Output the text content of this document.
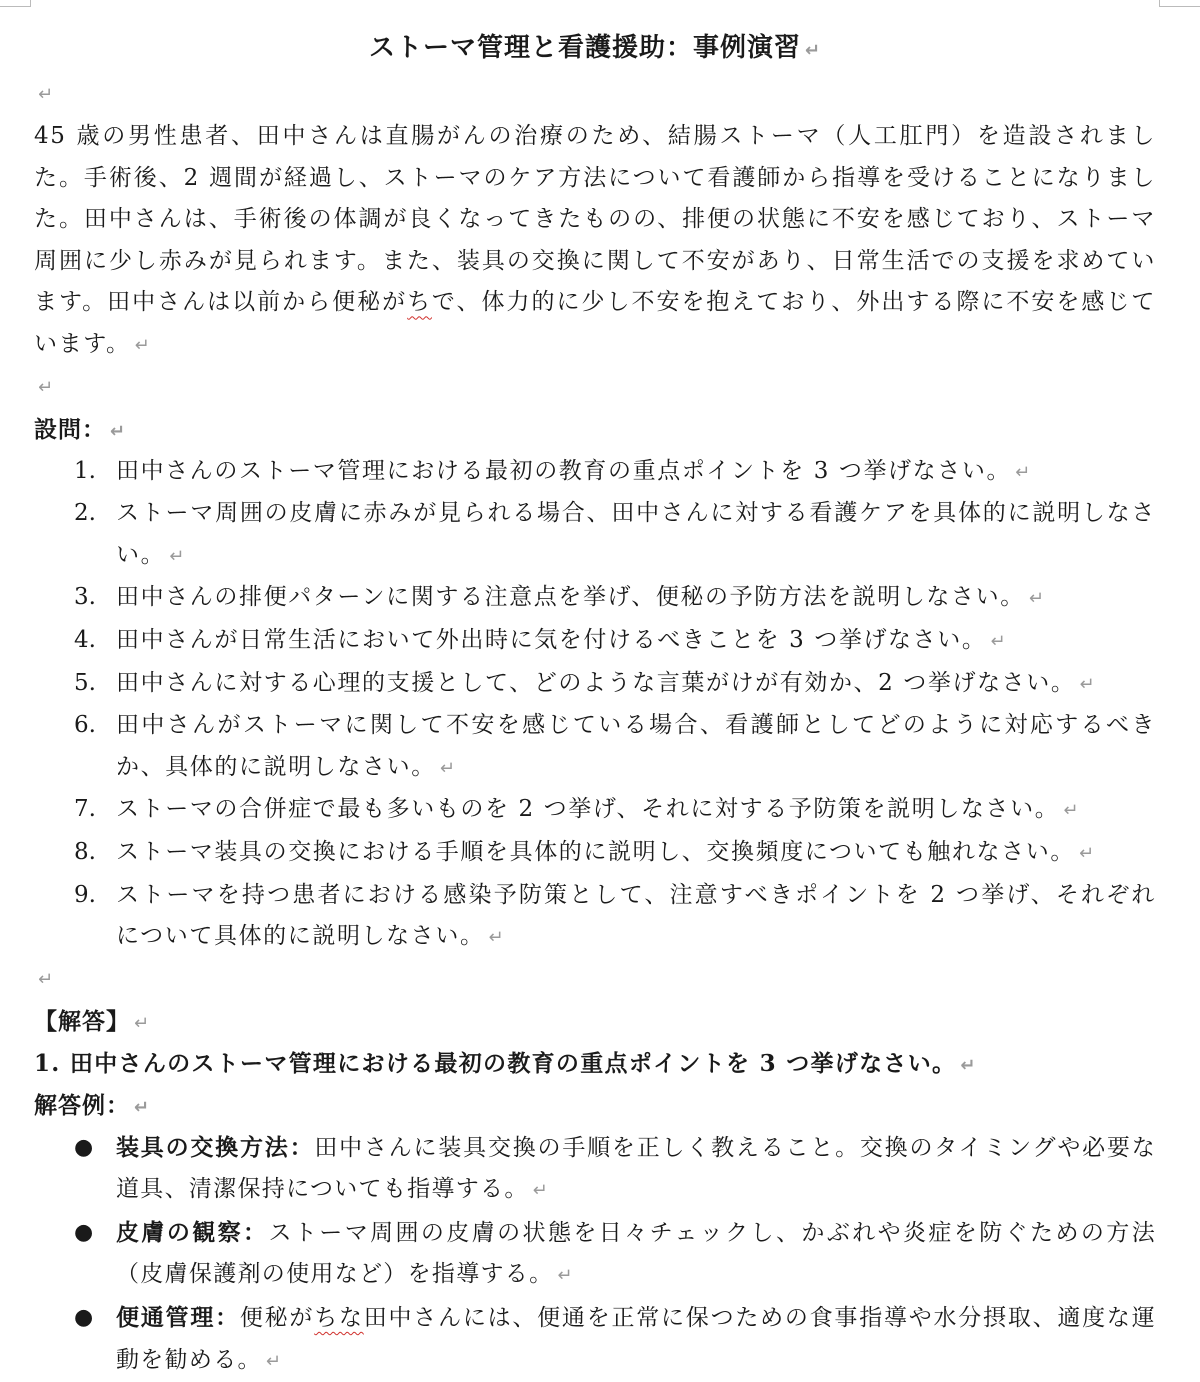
ストーマ管理と看護援助：事例演習 ↵
↵
45 歳の男性患者、田中さんは直腸がんの治療のため、結腸ストーマ（人工肛門）を造設されました。手術後、2 週間が経過し、ストーマのケア方法について看護師から指導を受けることになりました。田中さんは、手術後の体調が良くなってきたものの、排便の状態に不安を感じており、ストーマ周囲に少し赤みが見られます。また、装具の交換に関して不安があり、日常生活での支援を求めています。田中さんは以前から便秘がちで、体力的に少し不安を抱えており、外出する際に不安を感じています。 ↵
↵
設問： ↵
1. 田中さんのストーマ管理における最初の教育の重点ポイントを 3 つ挙げなさい。 ↵
2. ストーマ周囲の皮膚に赤みが見られる場合、田中さんに対する看護ケアを具体的に説明しなさい。 ↵
3. 田中さんの排便パターンに関する注意点を挙げ、便秘の予防方法を説明しなさい。 ↵
4. 田中さんが日常生活において外出時に気を付けるべきことを 3 つ挙げなさい。 ↵
5. 田中さんに対する心理的支援として、どのような言葉がけが有効か、2 つ挙げなさい。 ↵
6. 田中さんがストーマに関して不安を感じている場合、看護師としてどのように対応するべきか、具体的に説明しなさい。 ↵
7. ストーマの合併症で最も多いものを 2 つ挙げ、それに対する予防策を説明しなさい。 ↵
8. ストーマ装具の交換における手順を具体的に説明し、交換頻度についても触れなさい。 ↵
9. ストーマを持つ患者における感染予防策として、注意すべきポイントを 2 つ挙げ、それぞれについて具体的に説明しなさい。 ↵
↵
【解答】 ↵
1. 田中さんのストーマ管理における最初の教育の重点ポイントを 3 つ挙げなさい。 ↵
解答例： ↵
● 装具の交換方法：田中さんに装具交換の手順を正しく教えること。交換のタイミングや必要な道具、清潔保持についても指導する。 ↵
● 皮膚の観察：ストーマ周囲の皮膚の状態を日々チェックし、かぶれや炎症を防ぐための方法（皮膚保護剤の使用など）を指導する。 ↵
● 便通管理：便秘がちな田中さんには、便通を正常に保つための食事指導や水分摂取、適度な運動を勧める。 ↵
